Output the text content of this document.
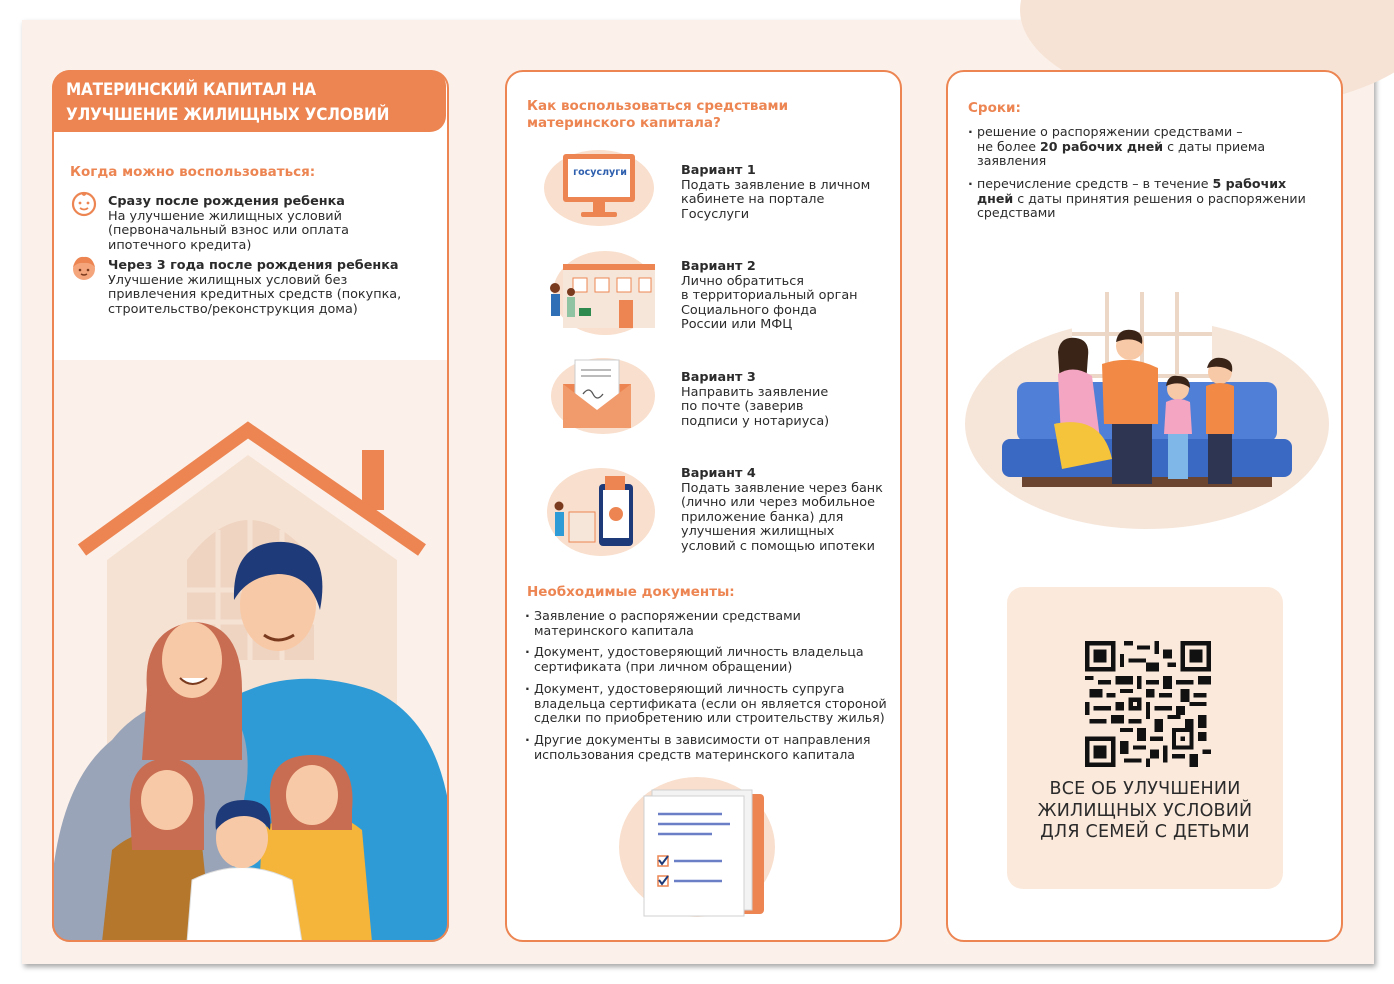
МАТЕРИНСКИЙ КАПИТАЛ НА УЛУЧШЕНИЕ ЖИЛИЩНЫХ УСЛОВИЙ
Когда можно воспользоваться:
Сразу после рождения ребенка
На улучшение жилищных условий
(первоначальный взнос или оплата
ипотечного кредита)
Через 3 года после рождения ребенка
Улучшение жилищных условий без
привлечения кредитных средств (покупка,
строительство/реконструкция дома)
Как воспользоваться средствами
материнского капитала?
госуслуги	Вариант 1
Подать заявление в личном
кабинете на портале
Госуслуги
Вариант 2
Лично обратиться
в территориальный орган
Социального фонда
России или МФЦ
Вариант 3
Направить заявление
по почте (заверив
подписи у нотариуса)
Вариант 4
Подать заявление через банк
(лично или через мобильное
приложение банка) для
улучшения жилищных
условий с помощью ипотеки
Необходимые документы:
· Заявление о распоряжении средствами
материнского капитала
· Документ, удостоверяющий личность владельца
сертификата (при личном обращении)
· Документ, удостоверяющий личность супруга
владельца сертификата (если он является стороной
сделки по приобретению или строительству жилья)
· Другие документы в зависимости от направления
использования средств материнского капитала
Сроки:
· решение о распоряжении средствами –
не более 20 рабочих дней с даты приема
заявления
· перечисление средств – в течение 5 рабочих
дней с даты принятия решения о распоряжении
средствами
ВСЕ ОБ УЛУЧШЕНИИ
ЖИЛИЩНЫХ УСЛОВИЙ
ДЛЯ СЕМЕЙ С ДЕТЬМИ
